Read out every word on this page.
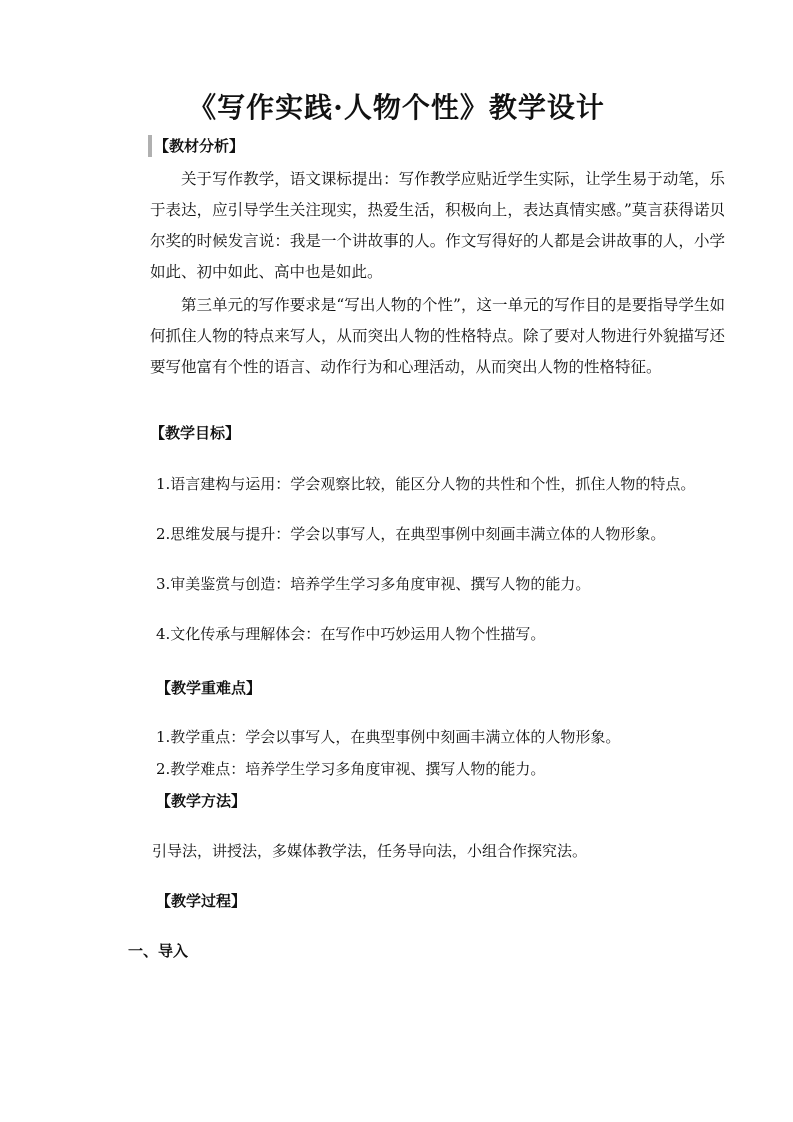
《写作实践·人物个性》教学设计
【教材分析】
关于写作教学，语文课标提出：写作教学应贴近学生实际，让学生易于动笔，乐于表达，应引导学生关注现实，热爱生活，积极向上，表达真情实感。”莫言获得诺贝尔奖的时候发言说：我是一个讲故事的人。作文写得好的人都是会讲故事的人，小学如此、初中如此、高中也是如此。
第三单元的写作要求是“写出人物的个性”，这一单元的写作目的是要指导学生如何抓住人物的特点来写人，从而突出人物的性格特点。除了要对人物进行外貌描写还要写他富有个性的语言、动作行为和心理活动，从而突出人物的性格特征。
【教学目标】
1.语言建构与运用：学会观察比较，能区分人物的共性和个性，抓住人物的特点。
2.思维发展与提升：学会以事写人，在典型事例中刻画丰满立体的人物形象。
3.审美鉴赏与创造：培养学生学习多角度审视、撰写人物的能力。
4.文化传承与理解体会：在写作中巧妙运用人物个性描写。
【教学重难点】
1.教学重点：学会以事写人，在典型事例中刻画丰满立体的人物形象。
2.教学难点：培养学生学习多角度审视、撰写人物的能力。
【教学方法】
引导法，讲授法，多媒体教学法，任务导向法，小组合作探究法。
【教学过程】
一、导入
